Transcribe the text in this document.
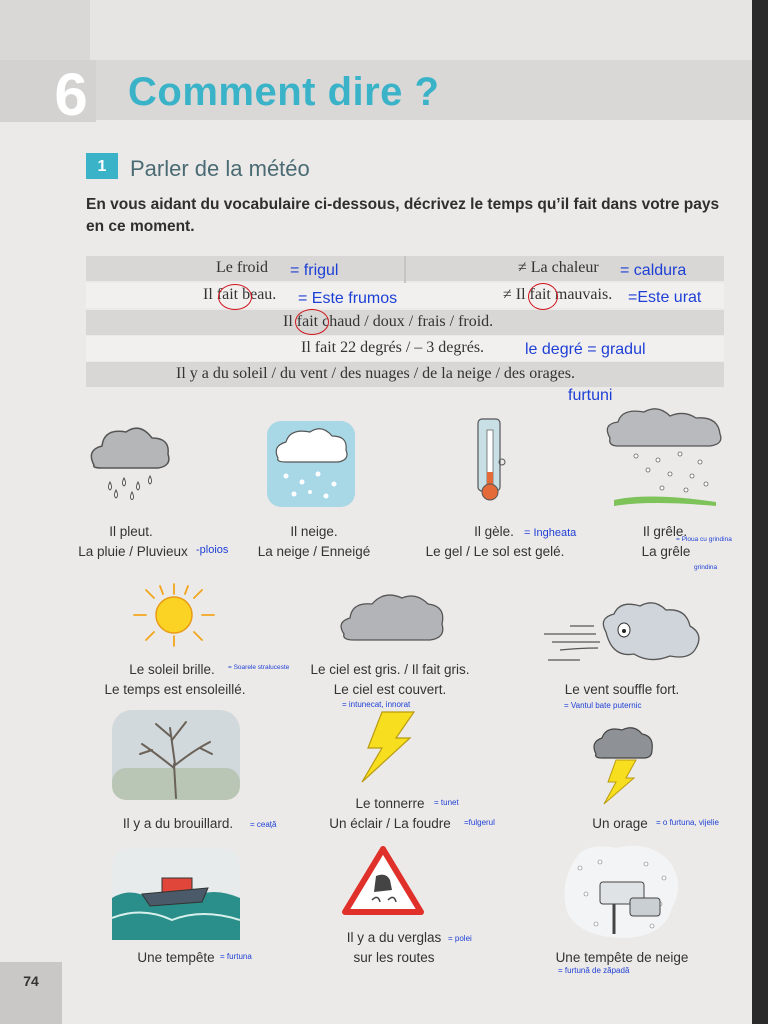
6 Comment dire ?
1	Parler de la météo
En vous aidant du vocabulaire ci-dessous, décrivez le temps qu’il fait dans votre pays en ce moment.
Le froid = frigul	≠ La chaleur = caldura
Il fait beau. = Este frumos	≠ Il fait mauvais. =Este urat
Il fait chaud / doux / frais / froid.
Il fait 22 degrés / – 3 degrés.	le degré = gradul
Il y a du soleil / du vent / des nuages / de la neige / des orages.
furtuni
Il pleut.
La pluie / Pluvieux -ploios
Il neige.
La neige / Enneigé
Il gèle. = Ingheata
Le gel / Le sol est gelé.
Il grêle.
= Ploua cu grindina
La grêle
grindina
Le soleil brille.	= Soarele straluceste
Le temps est ensoleillé.
Le ciel est gris. / Il fait gris.
Le ciel est couvert.
= intunecat, innorat
Le vent souffle fort.
= Vantul bate puternic
Il y a du brouillard.	= ceață
Le tonnerre	= tunet
Un éclair / La foudre	=fulgerul	Un orage	= o furtuna, vijelie
Une tempête = furtuna
Il y a du verglas = polei
sur les routes	Une tempête de neige
= furtună de zăpadă
74
